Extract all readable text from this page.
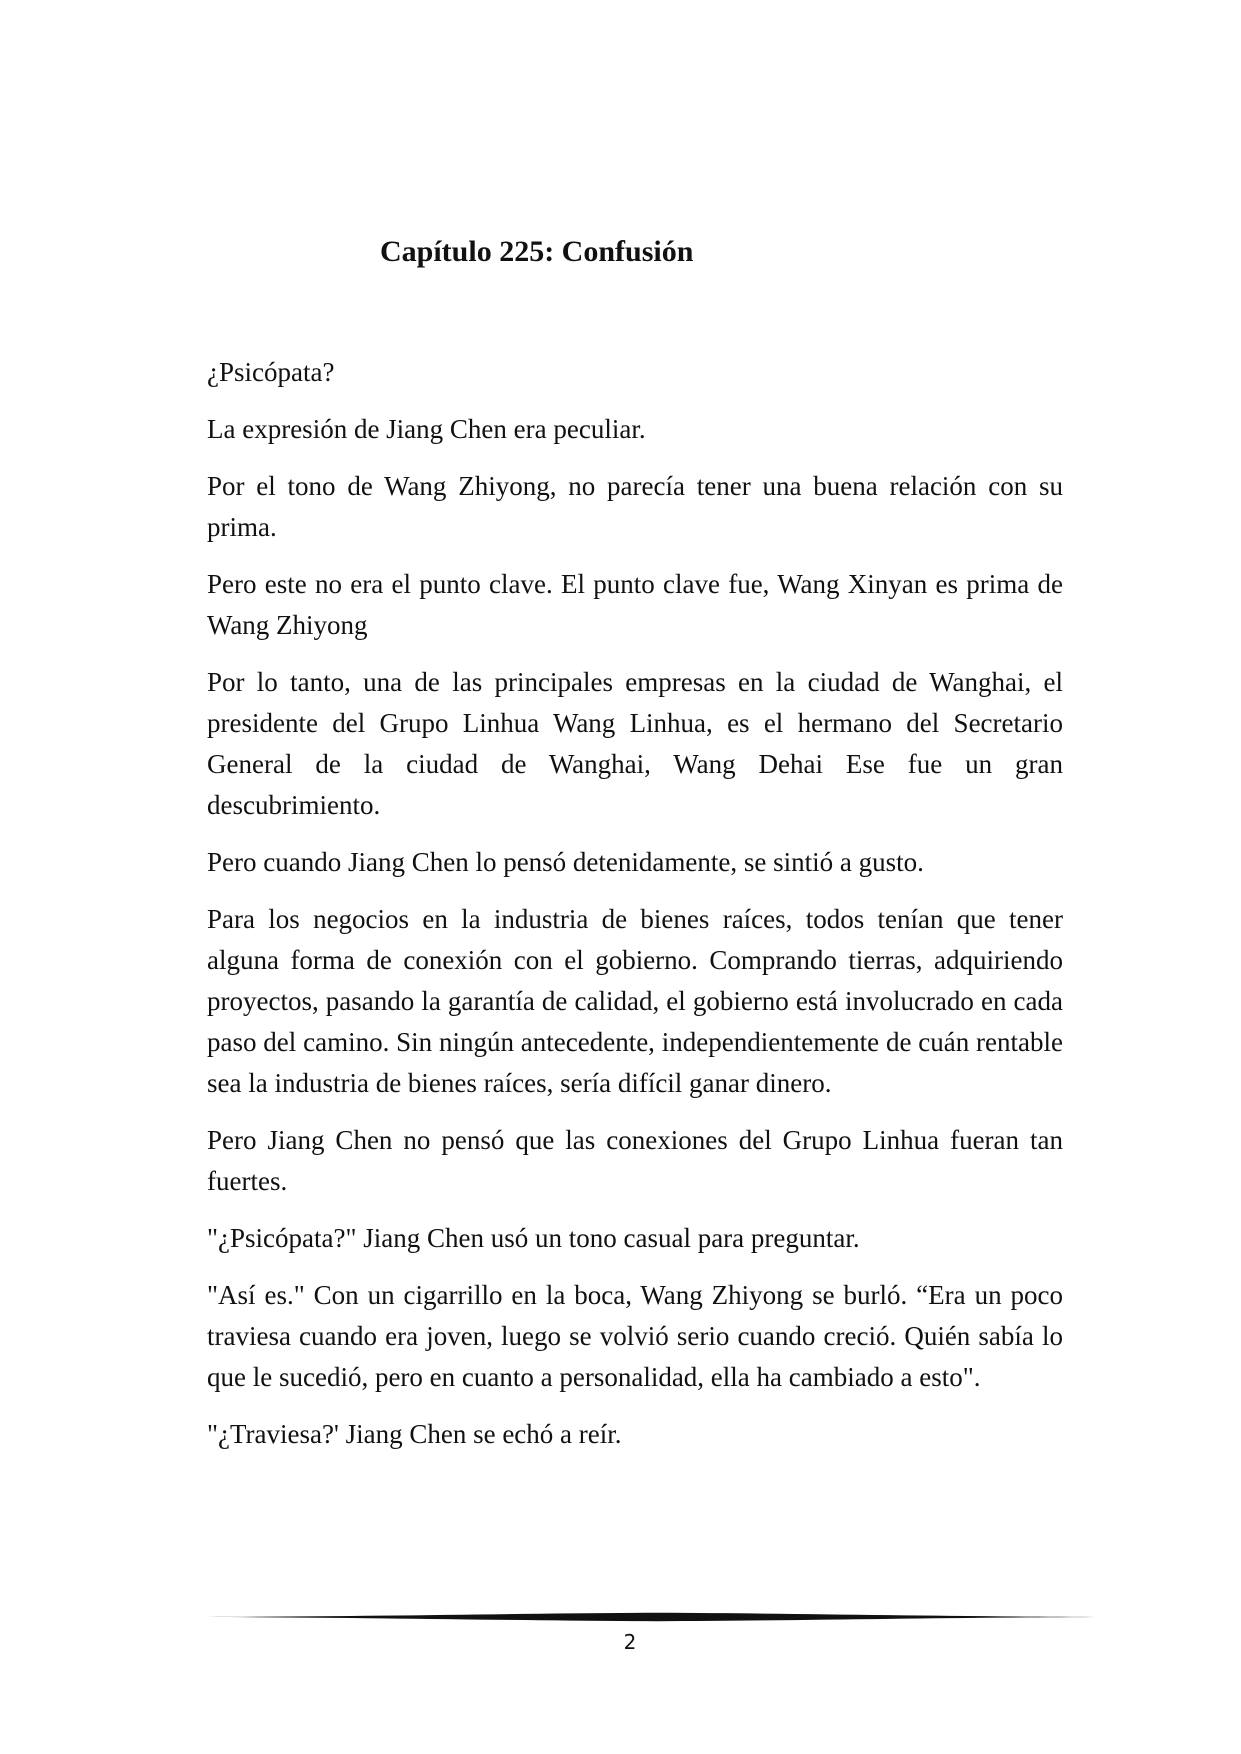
Capítulo 225: Confusión

¿Psicópata?

La expresión de Jiang Chen era peculiar.

Por el tono de Wang Zhiyong, no parecía tener una buena relación con su prima.

Pero este no era el punto clave. El punto clave fue, Wang Xinyan es prima de Wang Zhiyong

Por lo tanto, una de las principales empresas en la ciudad de Wanghai, el presidente del Grupo Linhua Wang Linhua, es el hermano del Secretario General de la ciudad de Wanghai, Wang Dehai Ese fue un gran descubrimiento.

Pero cuando Jiang Chen lo pensó detenidamente, se sintió a gusto.

Para los negocios en la industria de bienes raíces, todos tenían que tener alguna forma de conexión con el gobierno. Comprando tierras, adquiriendo proyectos, pasando la garantía de calidad, el gobierno está involucrado en cada paso del camino. Sin ningún antecedente, independientemente de cuán rentable sea la industria de bienes raíces, sería difícil ganar dinero.

Pero Jiang Chen no pensó que las conexiones del Grupo Linhua fueran tan fuertes.

"¿Psicópata?" Jiang Chen usó un tono casual para preguntar.

"Así es." Con un cigarrillo en la boca, Wang Zhiyong se burló. “Era un poco traviesa cuando era joven, luego se volvió serio cuando creció. Quién sabía lo que le sucedió, pero en cuanto a personalidad, ella ha cambiado a esto".

"¿Traviesa?' Jiang Chen se echó a reír.

2
